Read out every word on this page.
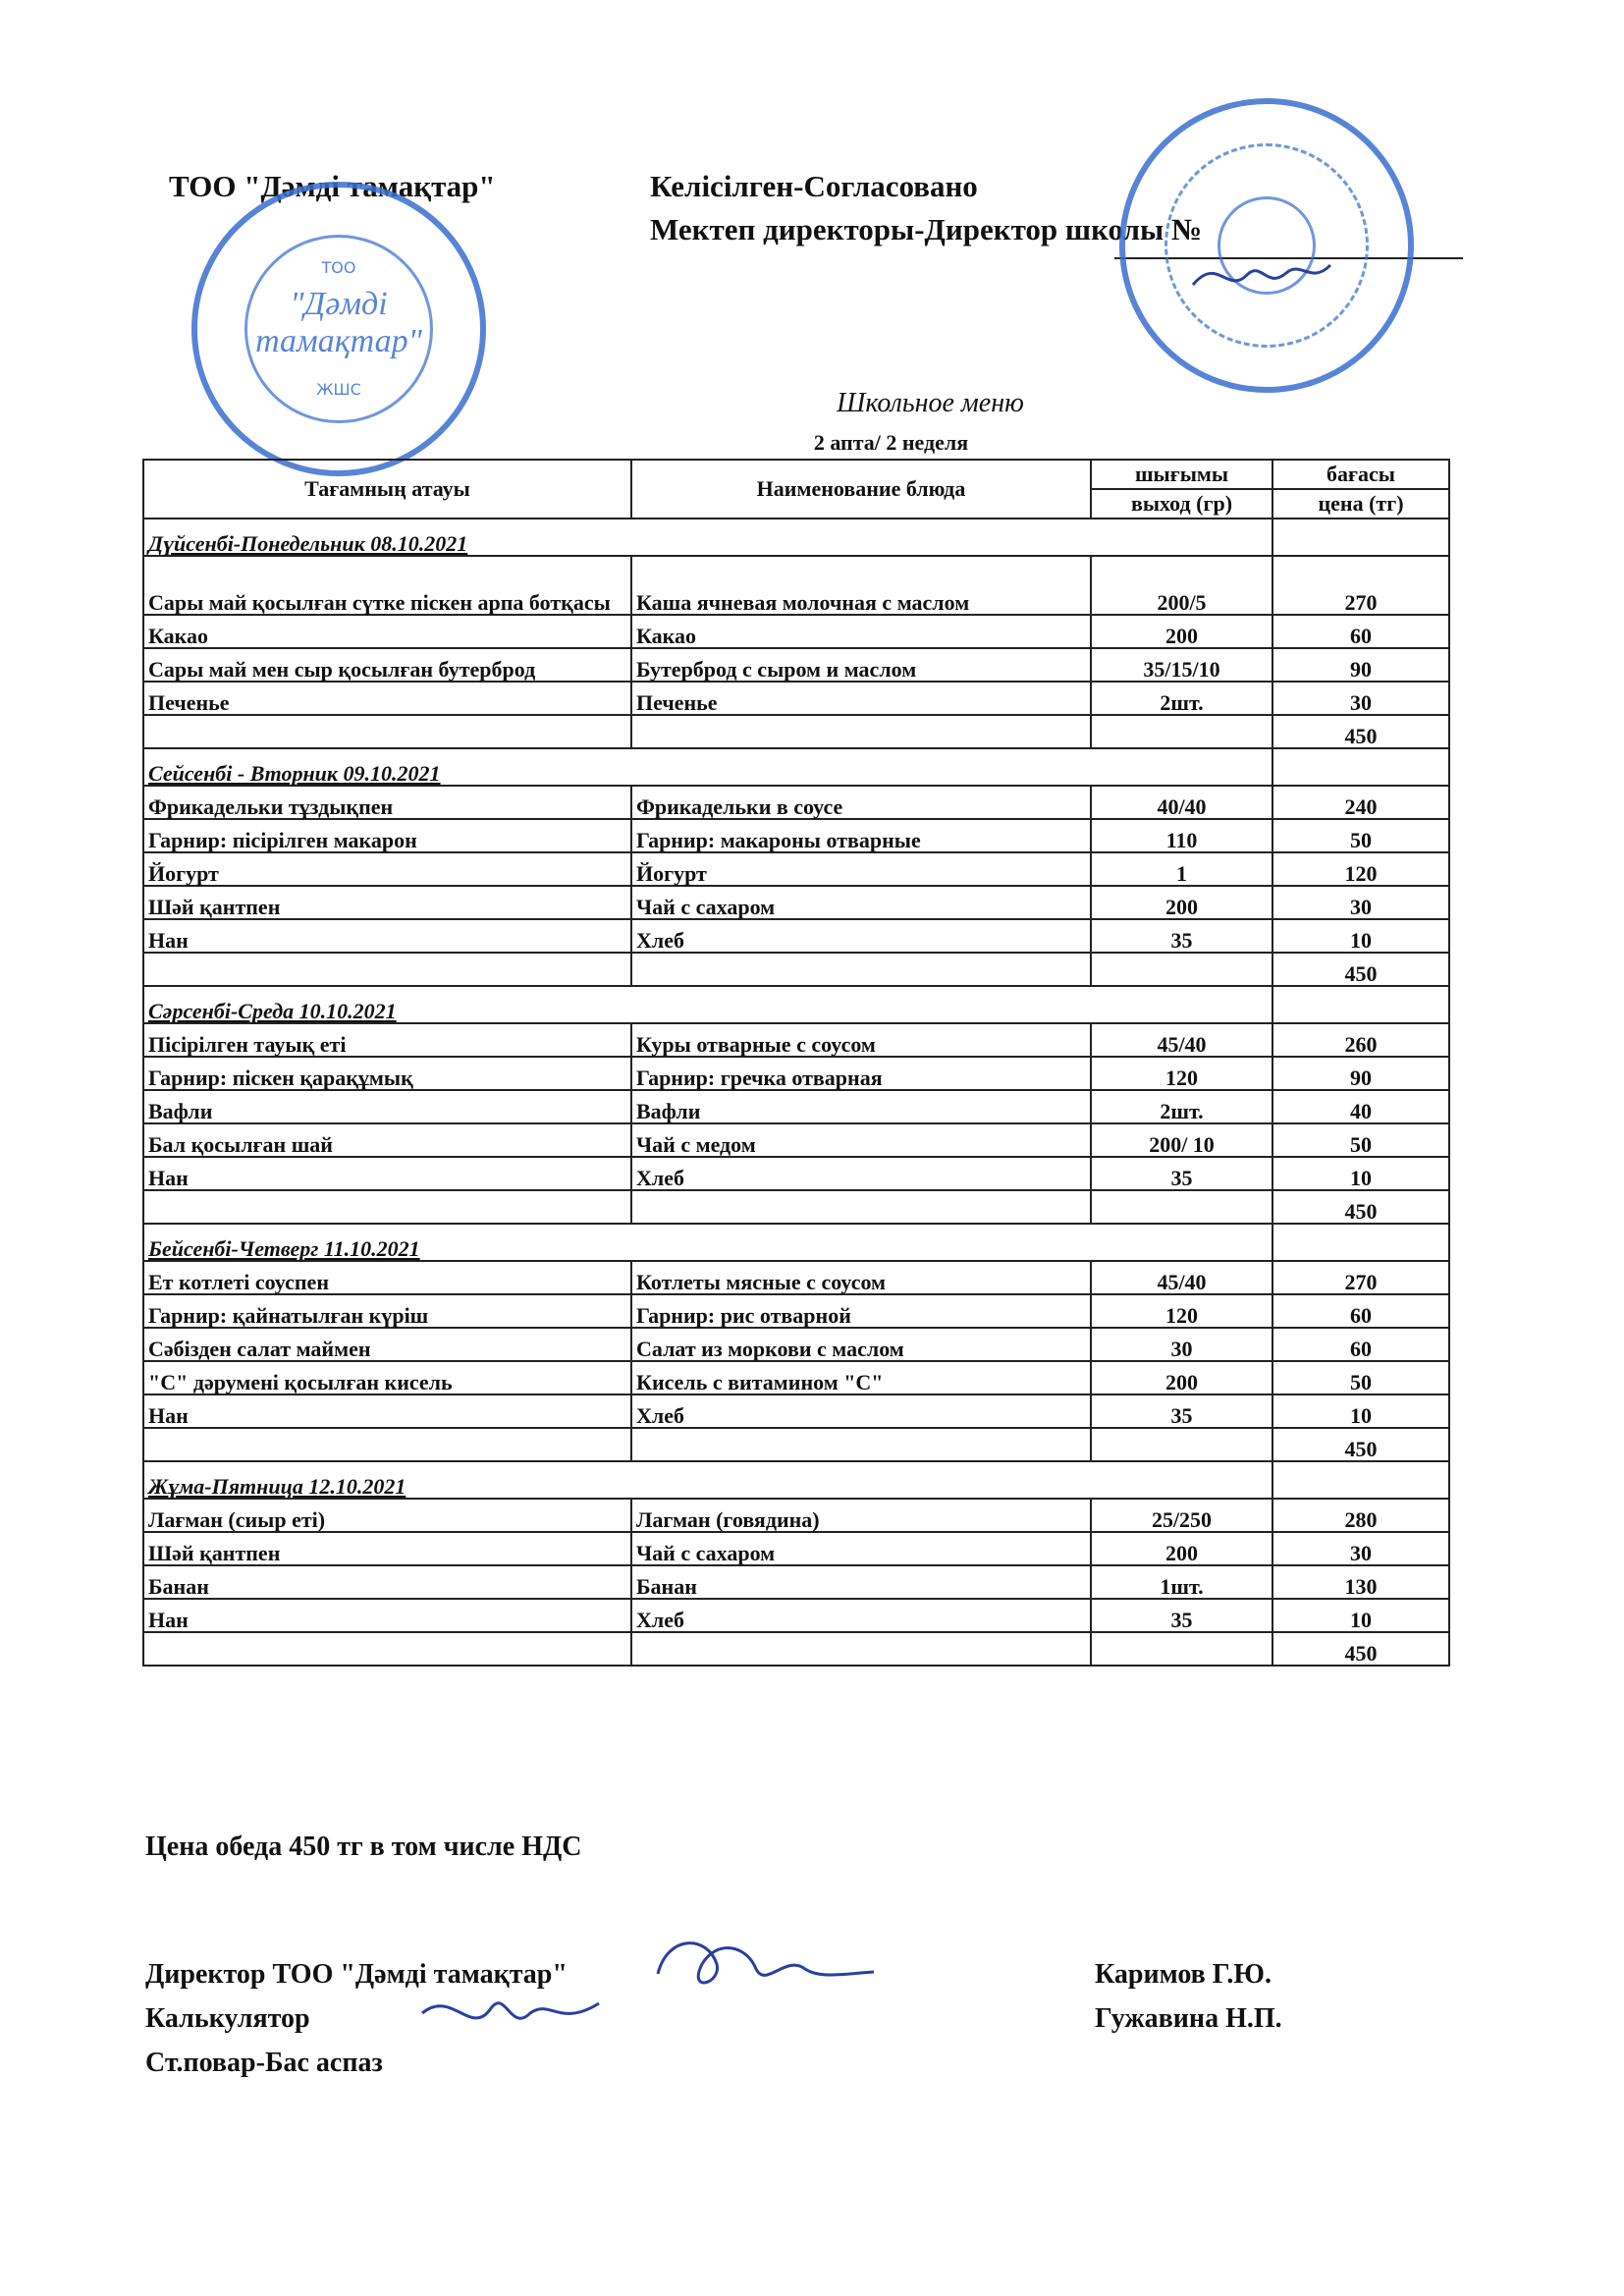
ТОО "Дәмді тамақтар"	Келісілген-Согласовано
Мектеп директоры-Директор школы №
ТОО
"Дәмді
тамақтар"
ЖШС	Школьное меню
2 апта/ 2 неделя
Тағамның атауы	Наименование блюда	шығымы	бағасы
		выход (гр)	цена (тг)
Дүйсенбі-Понедельник 08.10.2021			
Сары май қосылған сүтке піскен арпа ботқасы	Каша ячневая молочная с маслом	200/5	270
Какао	Какао	200	60
Сары май мен сыр қосылған бутерброд	Бутерброд с сыром и маслом	35/15/10	90
Печенье	Печенье	2шт.	30
			450
Сейсенбі - Вторник 09.10.2021			
Фрикадельки тұздықпен	Фрикадельки в соусе	40/40	240
Гарнир: пісірілген макарон	Гарнир: макароны отварные	110	50
Йогурт	Йогурт	1	120
Шәй қантпен	Чай с сахаром	200	30
Нан	Хлеб	35	10
			450
Сәрсенбі-Среда 10.10.2021			
Пісірілген тауық еті	Куры отварные с соусом	45/40	260
Гарнир: піскен қарақұмық	Гарнир: гречка отварная	120	90
Вафли	Вафли	2шт.	40
Бал қосылған шай	Чай с медом	200/ 10	50
Нан	Хлеб	35	10
			450
Бейсенбі-Четверг 11.10.2021			
Ет котлеті соуспен	Котлеты мясные с соусом	45/40	270
Гарнир: қайнатылған күріш	Гарнир: рис отварной	120	60
Сәбізден салат маймен	Салат из моркови с маслом	30	60
"С" дәрумені қосылған кисель	Кисель с витамином "С"	200	50
Нан	Хлеб	35	10
			450
Жұма-Пятница 12.10.2021			
Лағман (сиыр еті)	Лагман (говядина)	25/250	280
Шәй қантпен	Чай с сахаром	200	30
Банан	Банан	1шт.	130
Нан	Хлеб	35	10
			450
Цена обеда 450 тг в том числе НДС
Директор ТОО "Дәмді тамақтар"	Каримов Г.Ю.
Калькулятор	Гужавина Н.П.
Ст.повар-Бас аспаз
